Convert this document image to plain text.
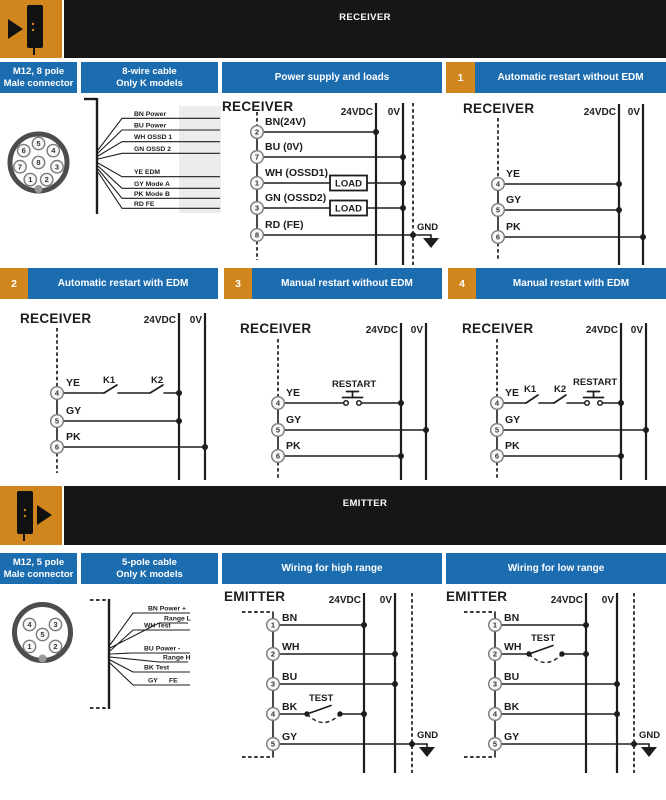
RECEIVER
M12, 8 pole
Male connector
8-wire cable
Only K models	Power supply and loads	1	Automatic restart without EDM
5
4
3
2
1
7
6
8
BN Power
BU Power
WH OSSD 1
GN OSSD 2
YE EDM
GY Mode A
PK Mode B
RD FE
RECEIVER	24VDC 0V
BN(24V)
BU (0V)
WH (OSSD1)
LOAD
GN (OSSD2)
LOAD
RD (FE)	GND
2
7
1
3
8
RECEIVER	24VDC 0V
YE
GY
PK
4
5
6
2	Automatic restart with EDM	3	Manual restart without EDM	4	Manual restart with EDM
RECEIVER	24VDC 0V
YE K1	K2
GY
PK
4
5
6
RECEIVER	24VDC 0V
YE
RESTART
GY
PK
4
5
6
RECEIVER	24VDC 0V
YE K1 K2
RESTART
GY
PK
4
5
6
EMITTER
M12, 5 pole
Male connector
5-pole cable
Only K models	Wiring for high range	Wiring for low range
4	3
5
1	2
BN Power +
Range L
WH Test
BU Power -
Range H
BK Test
GY FE
EMITTER	24VDC 0V
BN
WH
BU
BK
TEST
GY	GND
1
2
3
4
5
EMITTER	24VDC 0V
BN
WH
TEST
BU
BK
GY	GND
1
2
3
4
5
